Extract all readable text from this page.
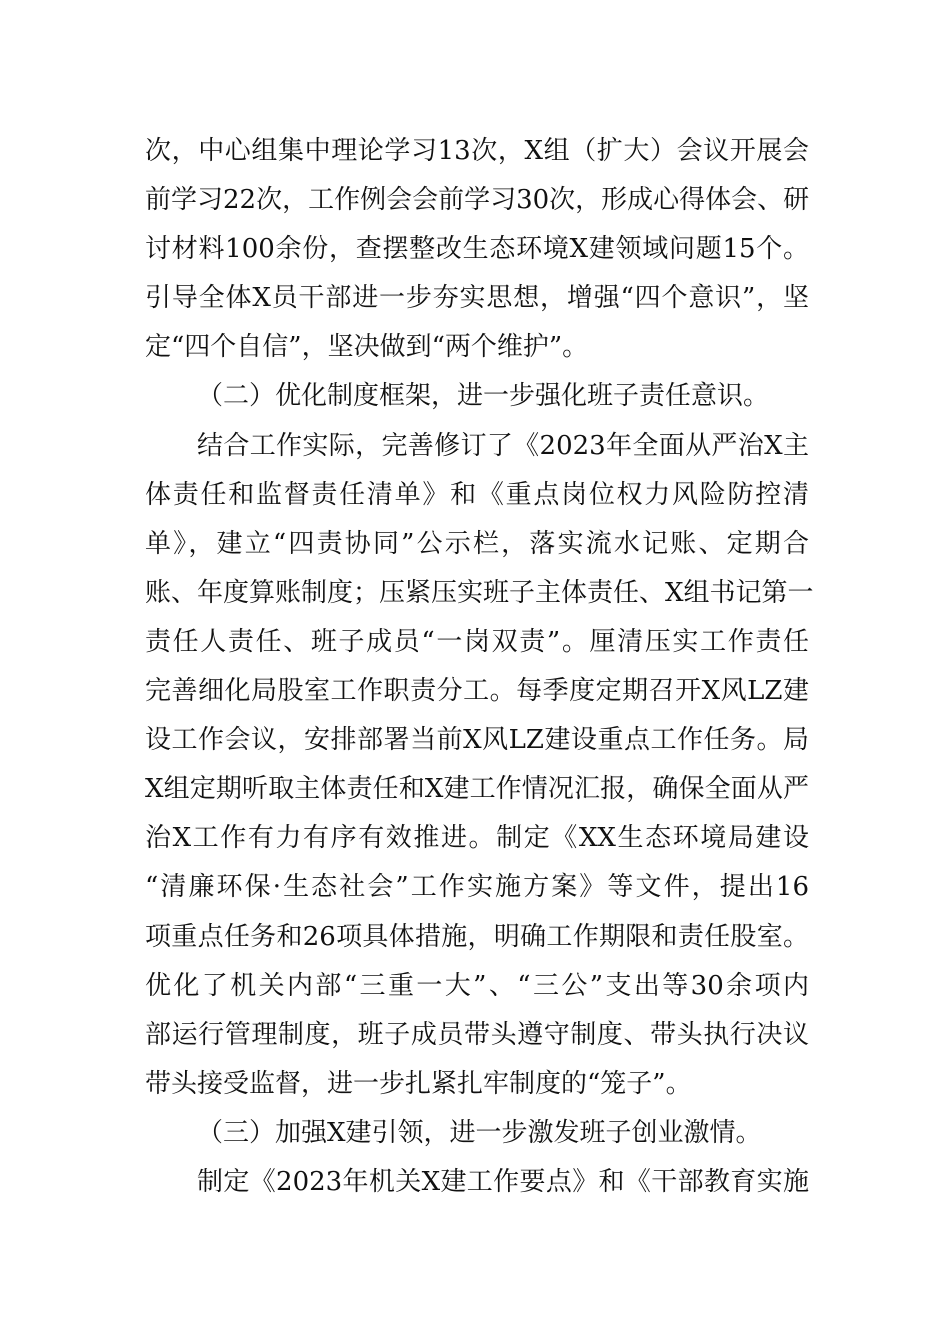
次，中心组集中理论学习13次，X组（扩大）会议开展会
前学习22次，工作例会会前学习30次，形成心得体会、研
讨材料100余份，查摆整改生态环境X建领域问题15个。
引导全体X员干部进一步夯实思想，增强“四个意识”，坚
定“四个自信”，坚决做到“两个维护”。
（二）优化制度框架，进一步强化班子责任意识。
结合工作实际，完善修订了《2023年全面从严治X主
体责任和监督责任清单》和《重点岗位权力风险防控清
单》，建立“四责协同”公示栏，落实流水记账、定期合
账、年度算账制度；压紧压实班子主体责任、X组书记第一
责任人责任、班子成员“一岗双责”。厘清压实工作责任
完善细化局股室工作职责分工。每季度定期召开X风LZ建
设工作会议，安排部署当前X风LZ建设重点工作任务。局
X组定期听取主体责任和X建工作情况汇报，确保全面从严
治X工作有力有序有效推进。制定《XX生态环境局建设
“清廉环保·生态社会”工作实施方案》等文件，提出16
项重点任务和26项具体措施，明确工作期限和责任股室。
优化了机关内部“三重一大”、“三公”支出等30余项内
部运行管理制度，班子成员带头遵守制度、带头执行决议
带头接受监督，进一步扎紧扎牢制度的“笼子”。
（三）加强X建引领，进一步激发班子创业激情。
制定《2023年机关X建工作要点》和《干部教育实施
